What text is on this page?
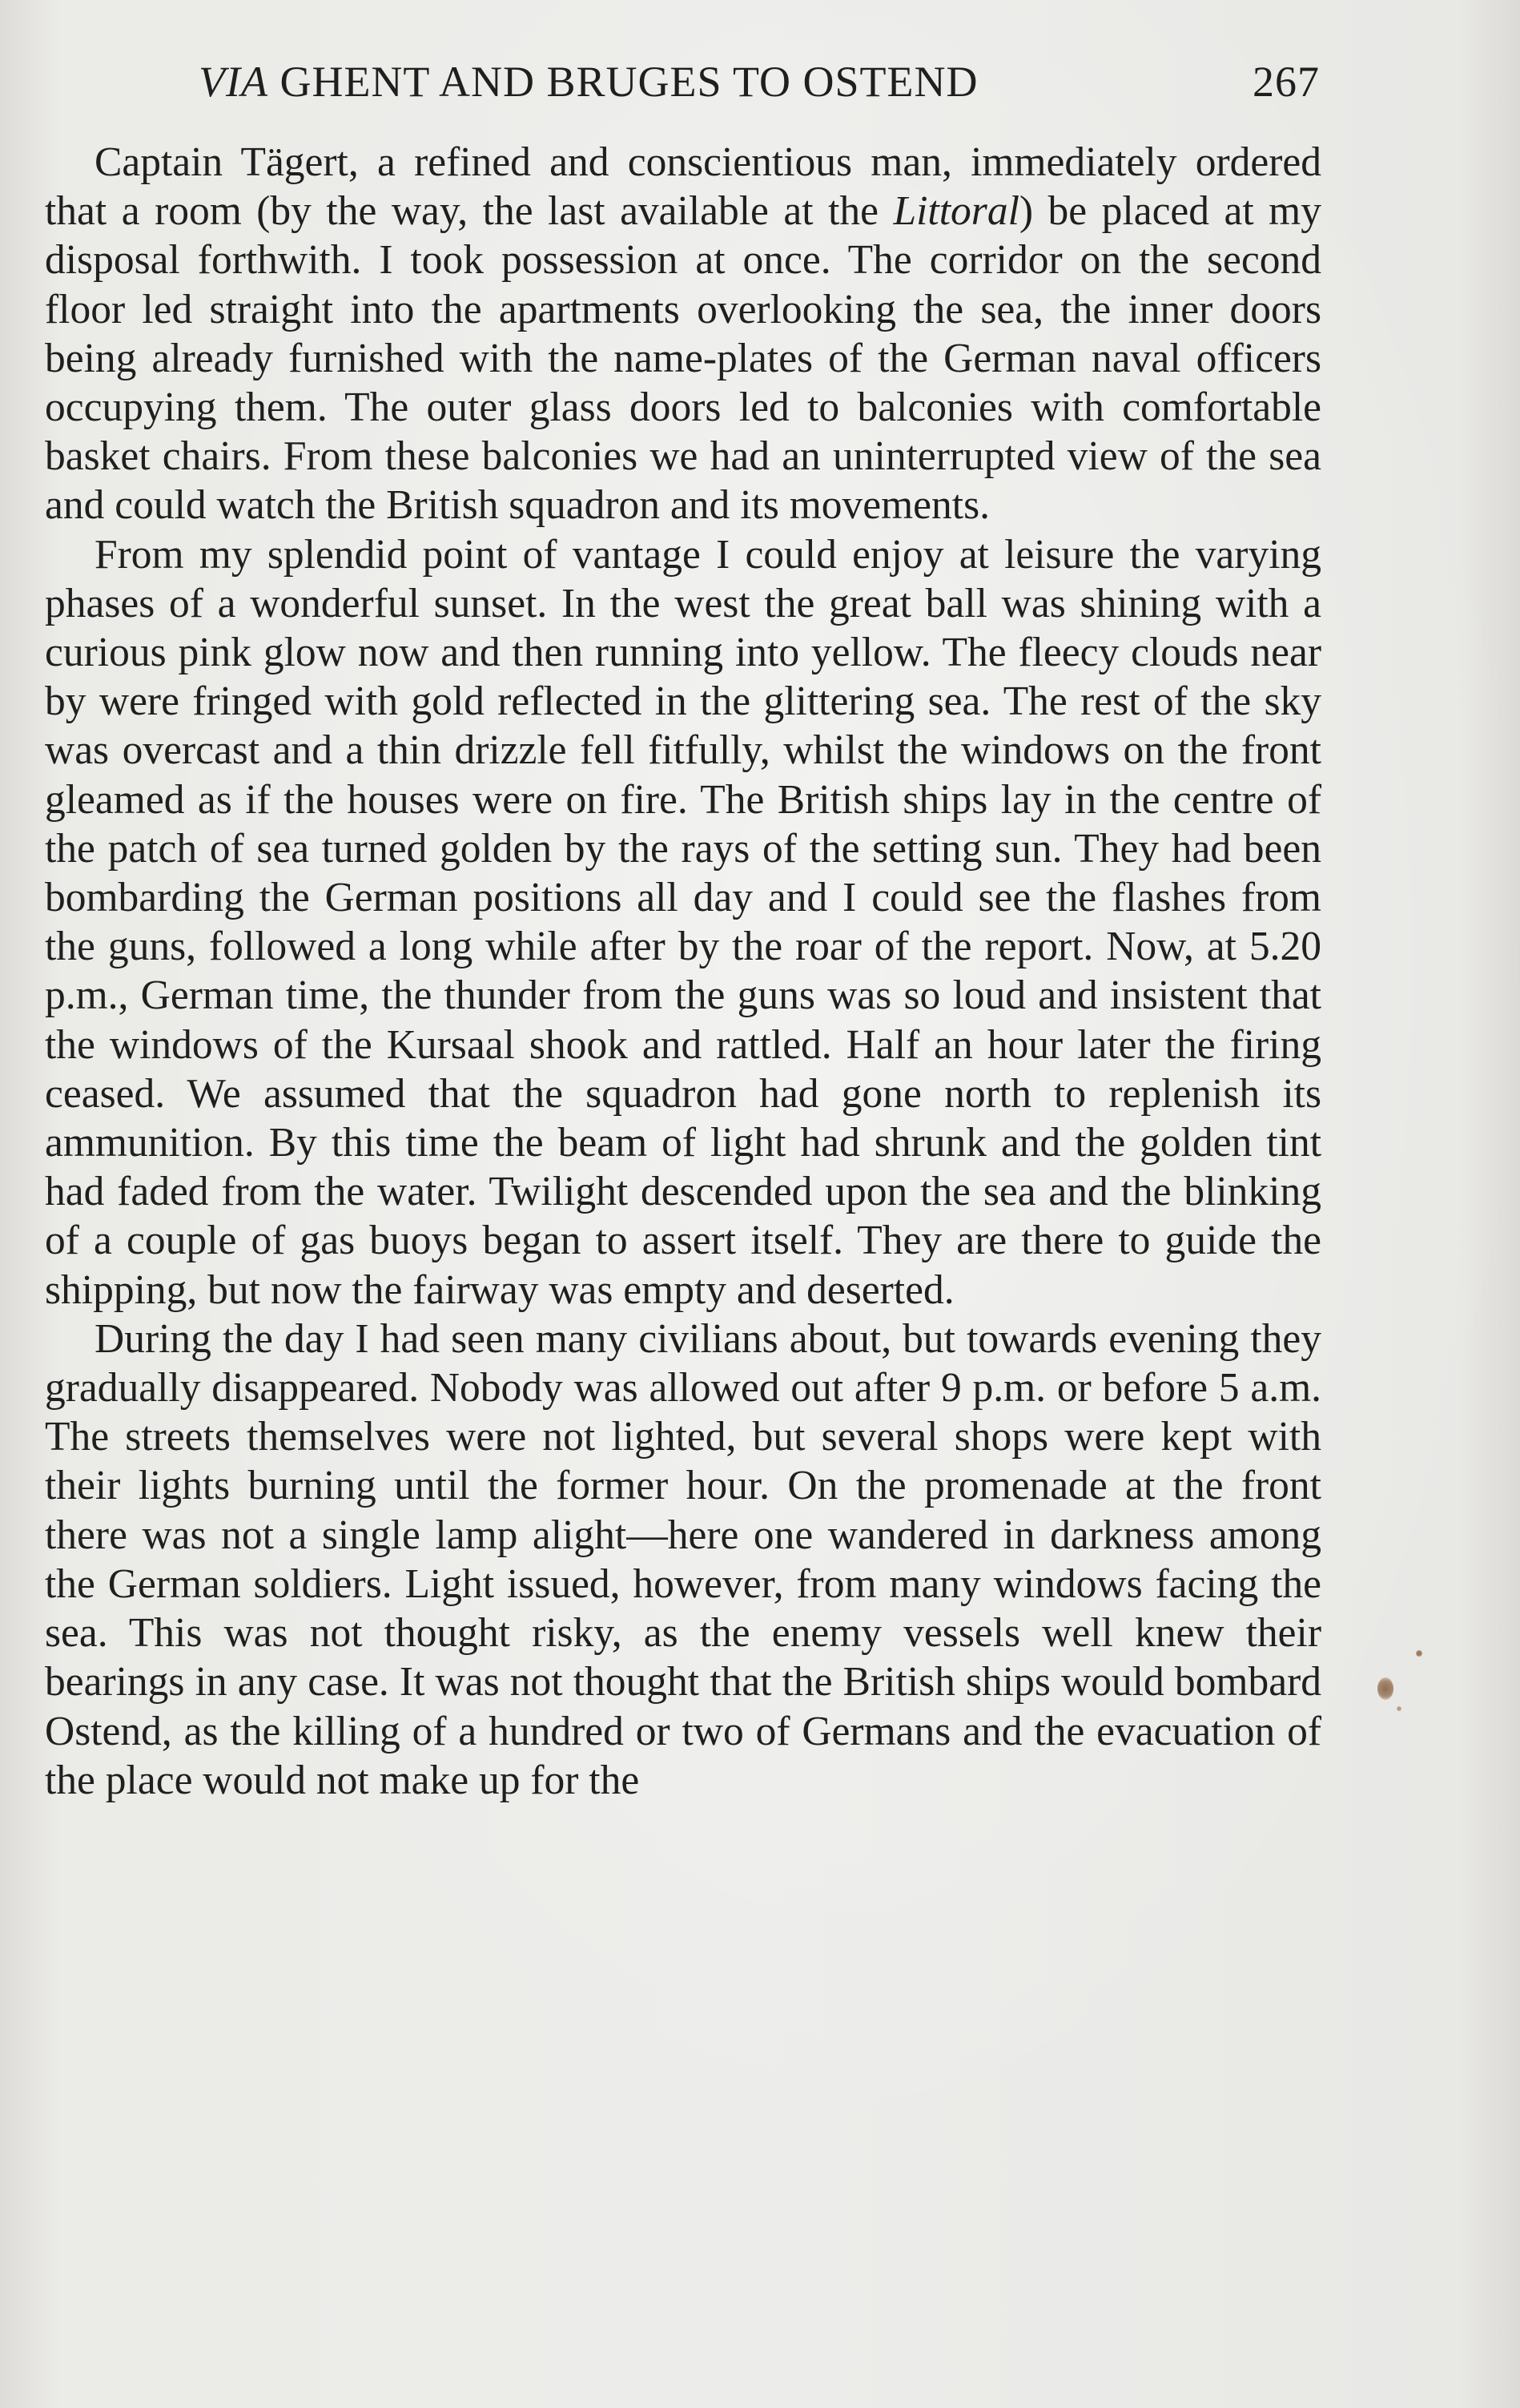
VIA GHENT AND BRUGES TO OSTEND	267

Captain Tägert, a refined and conscientious man, immediately ordered that a room (by the way, the last available at the Littoral) be placed at my disposal forthwith. I took possession at once. The corridor on the second floor led straight into the apartments overlooking the sea, the inner doors being already furnished with the name-plates of the German naval officers occupying them. The outer glass doors led to balconies with comfortable basket chairs. From these balconies we had an uninterrupted view of the sea and could watch the British squadron and its movements.

From my splendid point of vantage I could enjoy at leisure the varying phases of a wonderful sunset. In the west the great ball was shining with a curious pink glow now and then running into yellow. The fleecy clouds near by were fringed with gold reflected in the glittering sea. The rest of the sky was overcast and a thin drizzle fell fitfully, whilst the windows on the front gleamed as if the houses were on fire. The British ships lay in the centre of the patch of sea turned golden by the rays of the setting sun. They had been bombarding the German positions all day and I could see the flashes from the guns, followed a long while after by the roar of the report. Now, at 5.20 p.m., German time, the thunder from the guns was so loud and insistent that the windows of the Kursaal shook and rattled. Half an hour later the firing ceased. We assumed that the squadron had gone north to replenish its ammunition. By this time the beam of light had shrunk and the golden tint had faded from the water. Twilight descended upon the sea and the blinking of a couple of gas buoys began to assert itself. They are there to guide the shipping, but now the fairway was empty and deserted.

During the day I had seen many civilians about, but towards evening they gradually disappeared. Nobody was allowed out after 9 p.m. or before 5 a.m. The streets themselves were not lighted, but several shops were kept with their lights burning until the former hour. On the promenade at the front there was not a single lamp alight—here one wandered in darkness among the German soldiers. Light issued, however, from many windows facing the sea. This was not thought risky, as the enemy vessels well knew their bearings in any case. It was not thought that the British ships would bombard Ostend, as the killing of a hundred or two of Germans and the evacuation of the place would not make up for the
